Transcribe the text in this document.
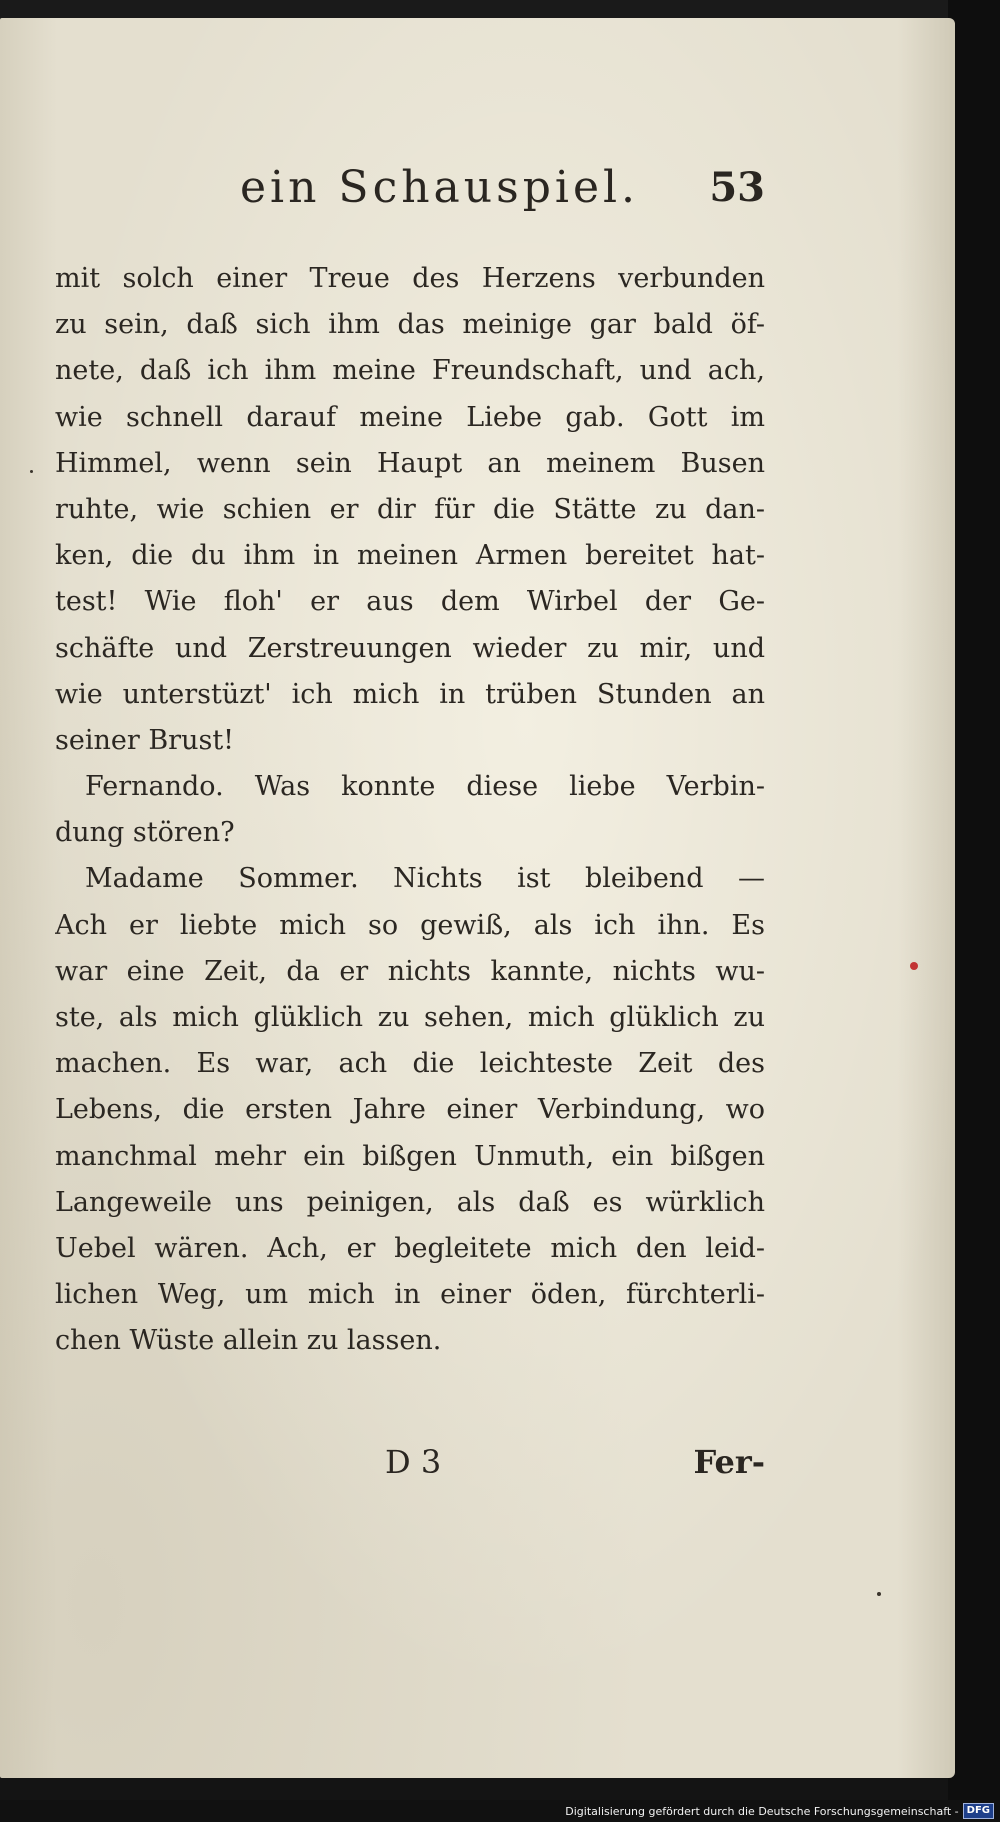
ein Schauspiel. 53
mit solch einer Treue des Herzens verbunden
zu sein, daß sich ihm das meinige gar bald öf-
nete, daß ich ihm meine Freundschaft, und ach,
wie schnell darauf meine Liebe gab. Gott im
Himmel, wenn sein Haupt an meinem Busen
ruhte, wie schien er dir für die Stätte zu dan-
ken, die du ihm in meinen Armen bereitet hat-
test! Wie floh' er aus dem Wirbel der Ge-
schäfte und Zerstreuungen wieder zu mir, und
wie unterstüzt' ich mich in trüben Stunden an
seiner Brust!
Fernando. Was konnte diese liebe Verbin-
dung stören?
Madame Sommer. Nichts ist bleibend —
Ach er liebte mich so gewiß, als ich ihn. Es
war eine Zeit, da er nichts kannte, nichts wu-
ste, als mich glüklich zu sehen, mich glüklich zu
machen. Es war, ach die leichteste Zeit des
Lebens, die ersten Jahre einer Verbindung, wo
manchmal mehr ein bißgen Unmuth, ein bißgen
Langeweile uns peinigen, als daß es würklich
Uebel wären. Ach, er begleitete mich den leid-
lichen Weg, um mich in einer öden, fürchterli-
chen Wüste allein zu lassen.
D 3	Fer-
Digitalisierung gefördert durch die Deutsche Forschungsgemeinschaft - DFG
